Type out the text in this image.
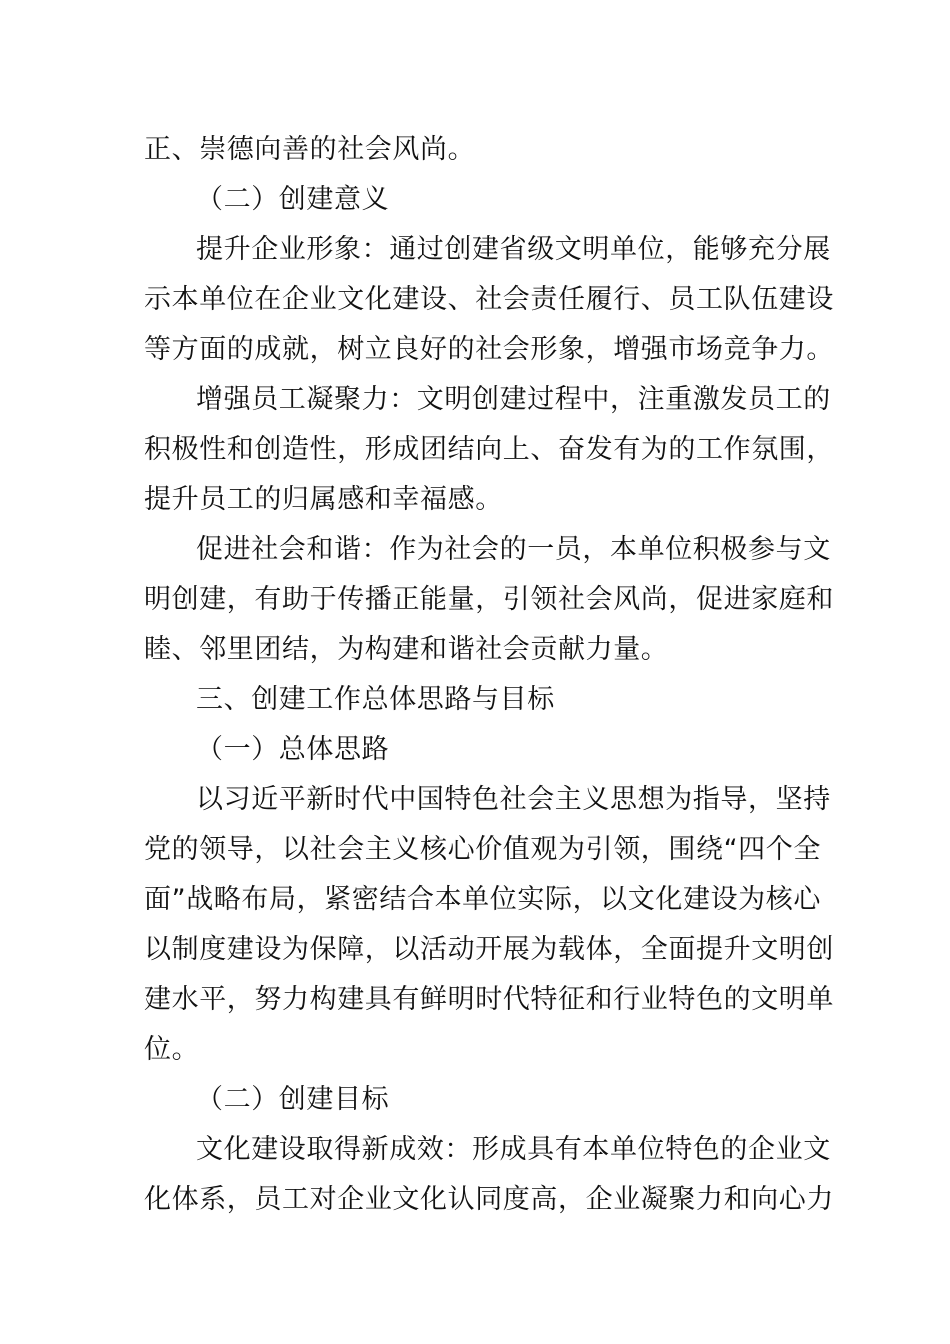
正、崇德向善的社会风尚。
（二）创建意义
提升企业形象：通过创建省级文明单位，能够充分展
示本单位在企业文化建设、社会责任履行、员工队伍建设
等方面的成就，树立良好的社会形象，增强市场竞争力。
增强员工凝聚力：文明创建过程中，注重激发员工的
积极性和创造性，形成团结向上、奋发有为的工作氛围，
提升员工的归属感和幸福感。
促进社会和谐：作为社会的一员，本单位积极参与文
明创建，有助于传播正能量，引领社会风尚，促进家庭和
睦、邻里团结，为构建和谐社会贡献力量。
三、创建工作总体思路与目标
（一）总体思路
以习近平新时代中国特色社会主义思想为指导，坚持
党的领导，以社会主义核心价值观为引领，围绕“四个全
面”战略布局，紧密结合本单位实际，以文化建设为核心
以制度建设为保障，以活动开展为载体，全面提升文明创
建水平，努力构建具有鲜明时代特征和行业特色的文明单
位。
（二）创建目标
文化建设取得新成效：形成具有本单位特色的企业文
化体系，员工对企业文化认同度高，企业凝聚力和向心力
